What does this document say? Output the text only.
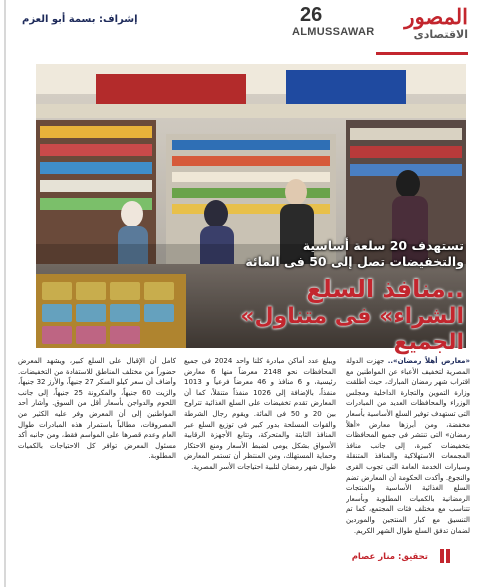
إشراف: بسمة أبو العزم	26
ALMUSSAWAR
المصور
الاقتصادى
تستهدف 20 سلعة أساسية
والتخفيضات تصل إلى 50 فى المائة
منافذ السلع..
«الشراء» فى متناول الجميع
«معارض أهلاً رمضان».. جهزت الدولة المصرية لتخفيف الأعباء عن المواطنين مع اقتراب شهر رمضان المبارك، حيث أطلقت وزارة التموين والتجارة الداخلية ومجلس الوزراء والمحافظات العديد من المبادرات التى تستهدف توفير السلع الأساسية بأسعار مخفضة، ومن أبرزها معارض «أهلاً رمضان» التى تنتشر فى جميع المحافظات بتخفيضات كبيرة، إلى جانب منافذ المجمعات الاستهلاكية والمنافذ المتنقلة وسيارات الخدمة العامة التى تجوب القرى والنجوع. وأكدت الحكومة أن المعارض تضم السلع الغذائية الأساسية والمنتجات الرمضانية بالكميات المطلوبة وبأسعار تتناسب مع مختلف فئات المجتمع، كما تم التنسيق مع كبار المنتجين والموردين لضمان تدفق السلع طوال الشهر الكريم.
ويبلغ عدد أماكن مبادرة كلنا واحد 2024 فى جميع المحافظات نحو 2148 معرضاً منها 6 معارض رئيسية، و 6 منافذ و 46 معرضاً فرعياً و 1013 منفذاً، بالإضافة إلى 1026 منفذاً متنقلاً، كما أن المعارض تقدم تخفيضات على السلع الغذائية تتراوح بين 20 و 50 فى المائة. ويقوم رجال الشرطة والقوات المسلحة بدور كبير فى توزيع السلع عبر المنافذ الثابتة والمتحركة، وتتابع الأجهزة الرقابية الأسواق بشكل يومى لضبط الأسعار ومنع الاحتكار وحماية المستهلك، ومن المنتظر أن تستمر المعارض طوال شهر رمضان لتلبية احتياجات الأسر المصرية.
كامل أن الإقبال على السلع كبير، ويشهد المعرض حضوراً من مختلف المناطق للاستفادة من التخفيضات. وأضاف أن سعر كيلو السكر 27 جنيهاً، والأرز 32 جنيهاً، والزيت 60 جنيهاً، والمكرونة 25 جنيهاً، إلى جانب اللحوم والدواجن بأسعار أقل من السوق. وأشار أحد المواطنين إلى أن المعرض وفر عليه الكثير من المصروفات، مطالباً باستمرار هذه المبادرات طوال العام وعدم قصرها على المواسم فقط، ومن جانبه أكد مسئول المعرض توافر كل الاحتياجات بالكميات المطلوبة.
تحقيق: منار عصام
